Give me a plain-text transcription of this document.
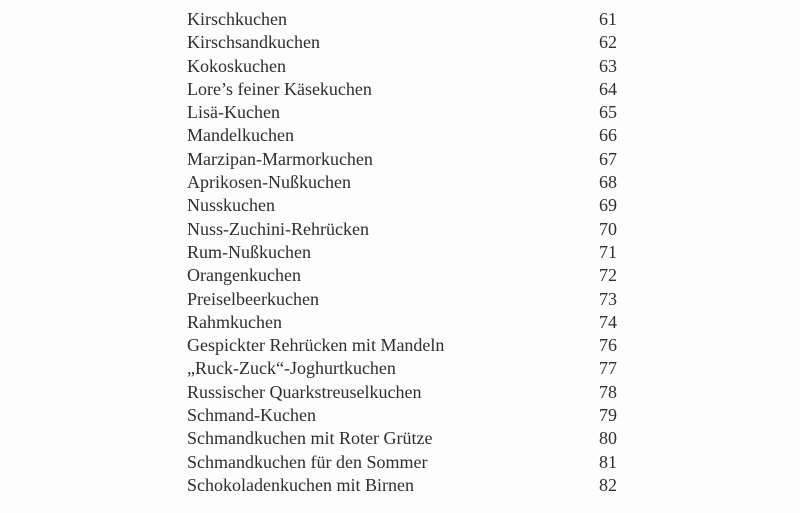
Kirschkuchen	61
Kirschsandkuchen	62
Kokoskuchen	63
Lore’s feiner Käsekuchen	64
Lisä-Kuchen	65
Mandelkuchen	66
Marzipan-Marmorkuchen	67
Aprikosen-Nußkuchen	68
Nusskuchen	69
Nuss-Zuchini-Rehrücken	70
Rum-Nußkuchen	71
Orangenkuchen	72
Preiselbeerkuchen	73
Rahmkuchen	74
Gespickter Rehrücken mit Mandeln	76
„Ruck-Zuck“-Joghurtkuchen	77
Russischer Quarkstreuselkuchen	78
Schmand-Kuchen	79
Schmandkuchen mit Roter Grütze	80
Schmandkuchen für den Sommer	81
Schokoladenkuchen mit Birnen	82
